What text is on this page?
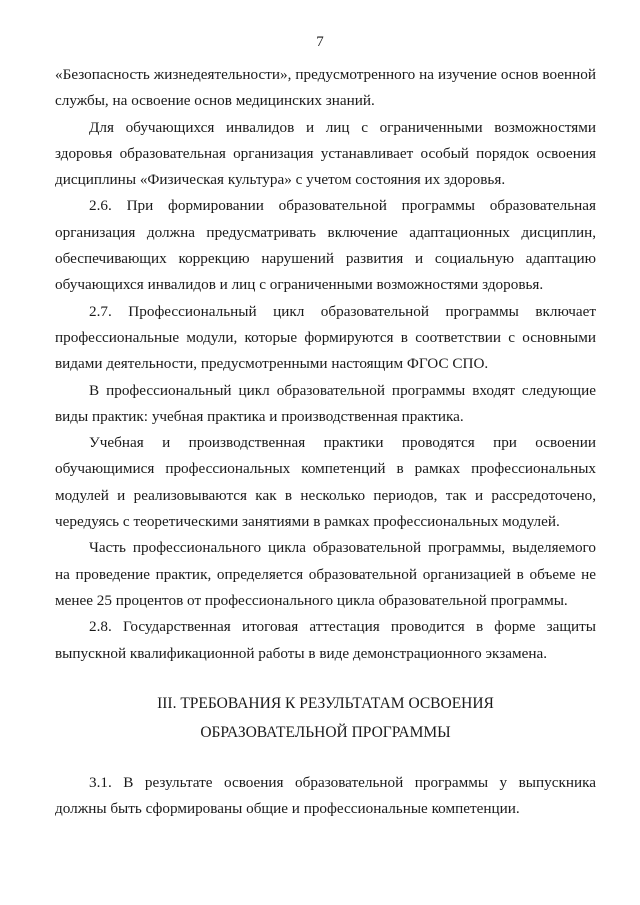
7

«Безопасность жизнедеятельности», предусмотренного на изучение основ военной службы, на освоение основ медицинских знаний.

Для обучающихся инвалидов и лиц с ограниченными возможностями здоровья образовательная организация устанавливает особый порядок освоения дисциплины «Физическая культура» с учетом состояния их здоровья.

2.6. При формировании образовательной программы образовательная организация должна предусматривать включение адаптационных дисциплин, обеспечивающих коррекцию нарушений развития и социальную адаптацию обучающихся инвалидов и лиц с ограниченными возможностями здоровья.

2.7. Профессиональный цикл образовательной программы включает профессиональные модули, которые формируются в соответствии с основными видами деятельности, предусмотренными настоящим ФГОС СПО.

В профессиональный цикл образовательной программы входят следующие виды практик: учебная практика и производственная практика.

Учебная и производственная практики проводятся при освоении обучающимися профессиональных компетенций в рамках профессиональных модулей и реализовываются как в несколько периодов, так и рассредоточено, чередуясь с теоретическими занятиями в рамках профессиональных модулей.

Часть профессионального цикла образовательной программы, выделяемого на проведение практик, определяется образовательной организацией в объеме не менее 25 процентов от профессионального цикла образовательной программы.

2.8. Государственная итоговая аттестация проводится в форме защиты выпускной квалификационной работы в виде демонстрационного экзамена.

III. ТРЕБОВАНИЯ К РЕЗУЛЬТАТАМ ОСВОЕНИЯ
ОБРАЗОВАТЕЛЬНОЙ ПРОГРАММЫ

3.1. В результате освоения образовательной программы у выпускника должны быть сформированы общие и профессиональные компетенции.
